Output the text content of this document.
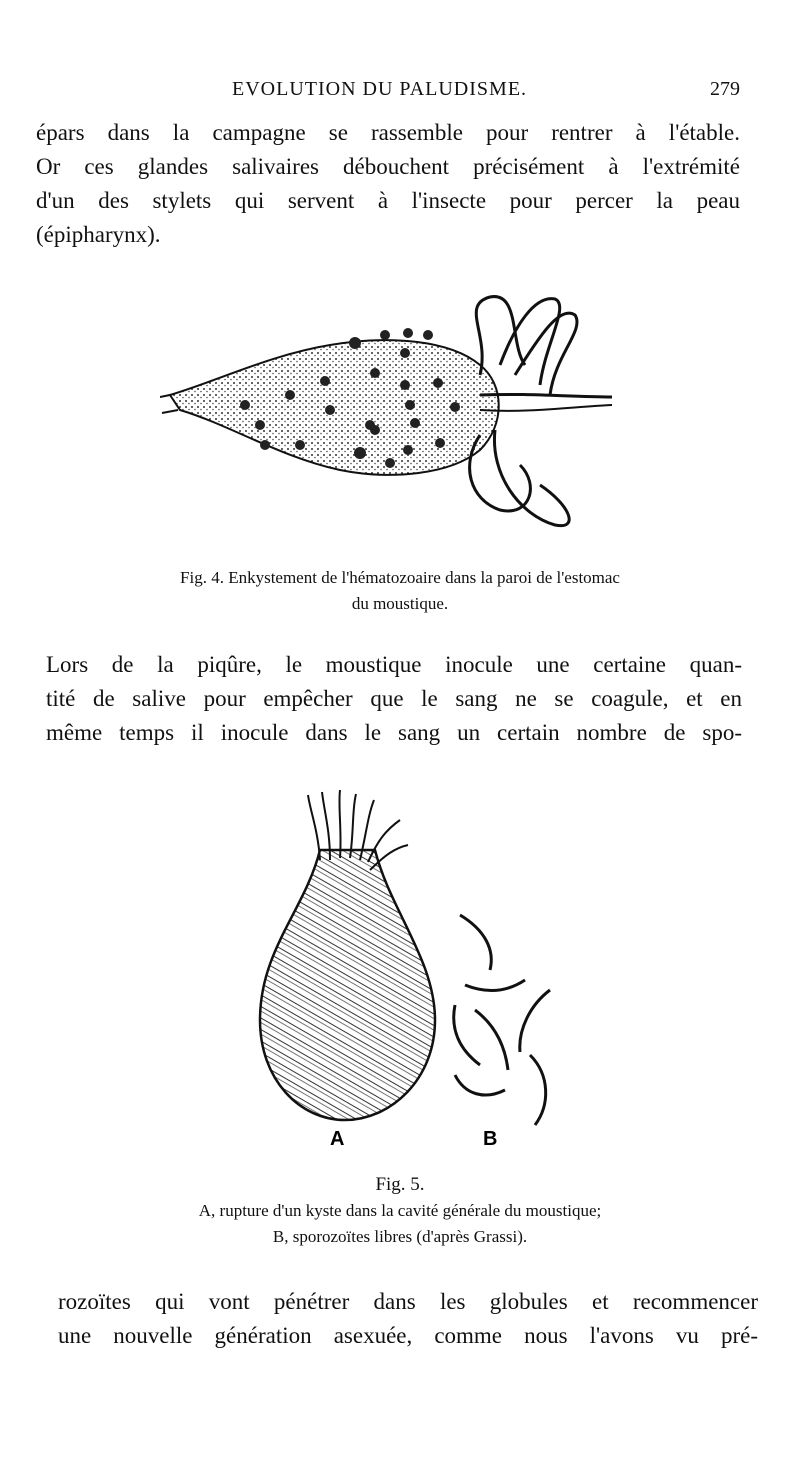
EVOLUTION DU PALUDISME.	279

épars dans la campagne se rassemble pour rentrer à l'étable.
Or ces glandes salivaires débouchent précisément à l'extrémité
d'un des stylets qui servent à l'insecte pour percer la peau
(épipharynx).

Fig. 4. Enkystement de l'hématozoaire dans la paroi de l'estomac
du moustique.

Lors de la piqûre, le moustique inocule une certaine quan-
tité de salive pour empêcher que le sang ne se coagule, et en
même temps il inocule dans le sang un certain nombre de spo-

A	B
Fig. 5.
A, rupture d'un kyste dans la cavité générale du moustique;
B, sporozoïtes libres (d'après Grassi).

rozoïtes qui vont pénétrer dans les globules et recommencer
une nouvelle génération asexuée, comme nous l'avons vu pré-
